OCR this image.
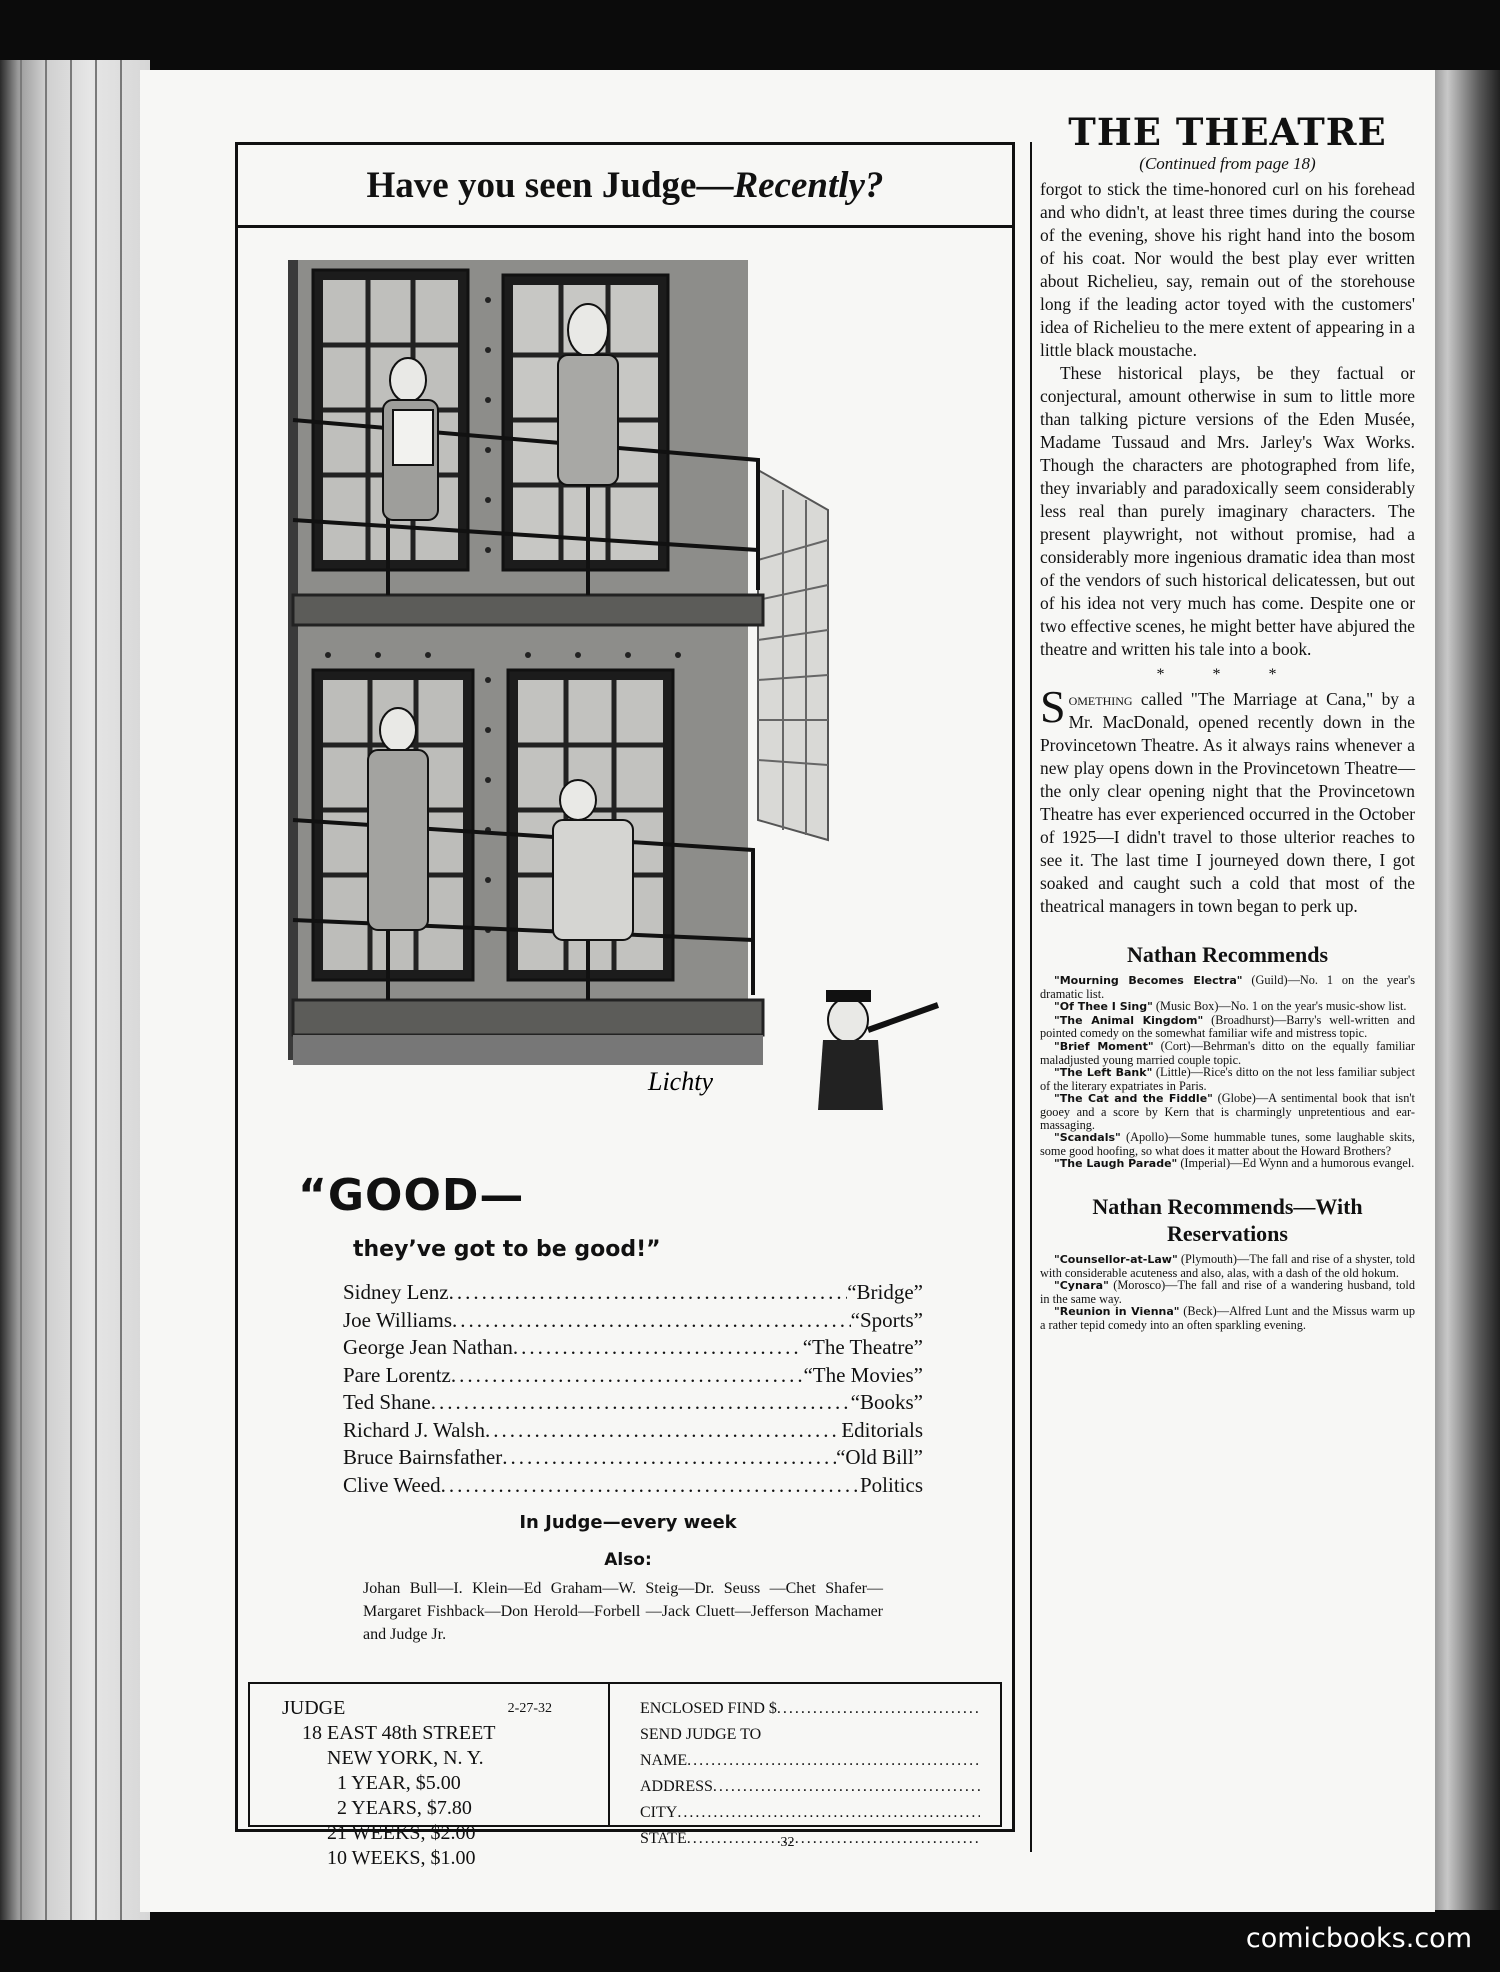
Have you seen Judge— Recently?
Lichty
“GOOD—
they’ve got to be good!”
Sidney Lenz .....	“Bridge”
Joe Williams .....	“Sports”
George Jean Nathan .....	“The Theatre”
Pare Lorentz .....	“The Movies”
Ted Shane .....	“Books”
Richard J. Walsh .....	Editorials
Bruce Bairnsfather .....	“Old Bill”
Clive Weed .....	Politics
In Judge—every week
Also:
Johan Bull—I. Klein—Ed Graham—W. Steig—Dr. Seuss —Chet Shafer—Margaret Fishback—Don Herold—Forbell —Jack Cluett—Jefferson Machamer and Judge Jr.
JUDGE	2-27-32
18 EAST 48th STREET
NEW YORK, N. Y.
1 YEAR, $5.00
2 YEARS, $7.80
21 WEEKS, $2.00
10 WEEKS, $1.00
ENCLOSED FIND $
.....
SEND JUDGE TO
NAME
.....
ADDRESS
.....
CITY
.....
STATE
.....
THE THEATRE
(Continued from page 18)

forgot to stick the time-honored curl on his forehead and who didn't, at least three times during the course of the evening, shove his right hand into the bosom of his coat. Nor would the best play ever written about Richelieu, say, remain out of the storehouse long if the leading actor toyed with the customers' idea of Richelieu to the mere extent of appearing in a little black moustache.

These historical plays, be they factual or conjectural, amount otherwise in sum to little more than talking picture versions of the Eden Musée, Madame Tussaud and Mrs. Jarley's Wax Works. Though the characters are photographed from life, they invariably and paradoxically seem considerably less real than purely imaginary characters. The present playwright, not without promise, had a considerably more ingenious dramatic idea than most of the vendors of such historical delicatessen, but out of his idea not very much has come. Despite one or two effective scenes, he might better have abjured the theatre and written his tale into a book.

* * *

Something called "The Marriage at Cana," by a Mr. MacDonald, opened recently down in the Provincetown Theatre. As it always rains whenever a new play opens down in the Provincetown Theatre—the only clear opening night that the Provincetown Theatre has ever experienced occurred in the October of 1925—I didn't travel to those ulterior reaches to see it. The last time I journeyed down there, I got soaked and caught such a cold that most of the theatrical managers in town began to perk up.

Nathan Recommends

"Mourning Becomes Electra" (Guild)—No. 1 on the year's dramatic list.

"Of Thee I Sing" (Music Box)—No. 1 on the year's music-show list.

"The Animal Kingdom" (Broadhurst)—Barry's well-written and pointed comedy on the somewhat familiar wife and mistress topic.

"Brief Moment" (Cort)—Behrman's ditto on the equally familiar maladjusted young married couple topic.

"The Left Bank" (Little)—Rice's ditto on the not less familiar subject of the literary expatriates in Paris.

"The Cat and the Fiddle" (Globe)—A sentimental book that isn't gooey and a score by Kern that is charmingly unpretentious and ear-massaging.

"Scandals" (Apollo)—Some hummable tunes, some laughable skits, some good hoofing, so what does it matter about the Howard Brothers?

"The Laugh Parade" (Imperial)—Ed Wynn and a humorous evangel.

Nathan Recommends—With Reservations

"Counsellor-at-Law" (Plymouth)—The fall and rise of a shyster, told with considerable acuteness and also, alas, with a dash of the old hokum.

"Cynara" (Morosco)—The fall and rise of a wandering husband, told in the same way.

"Reunion in Vienna" (Beck)—Alfred Lunt and the Missus warm up a rather tepid comedy into an often sparkling evening.

32
comicbooks.com
